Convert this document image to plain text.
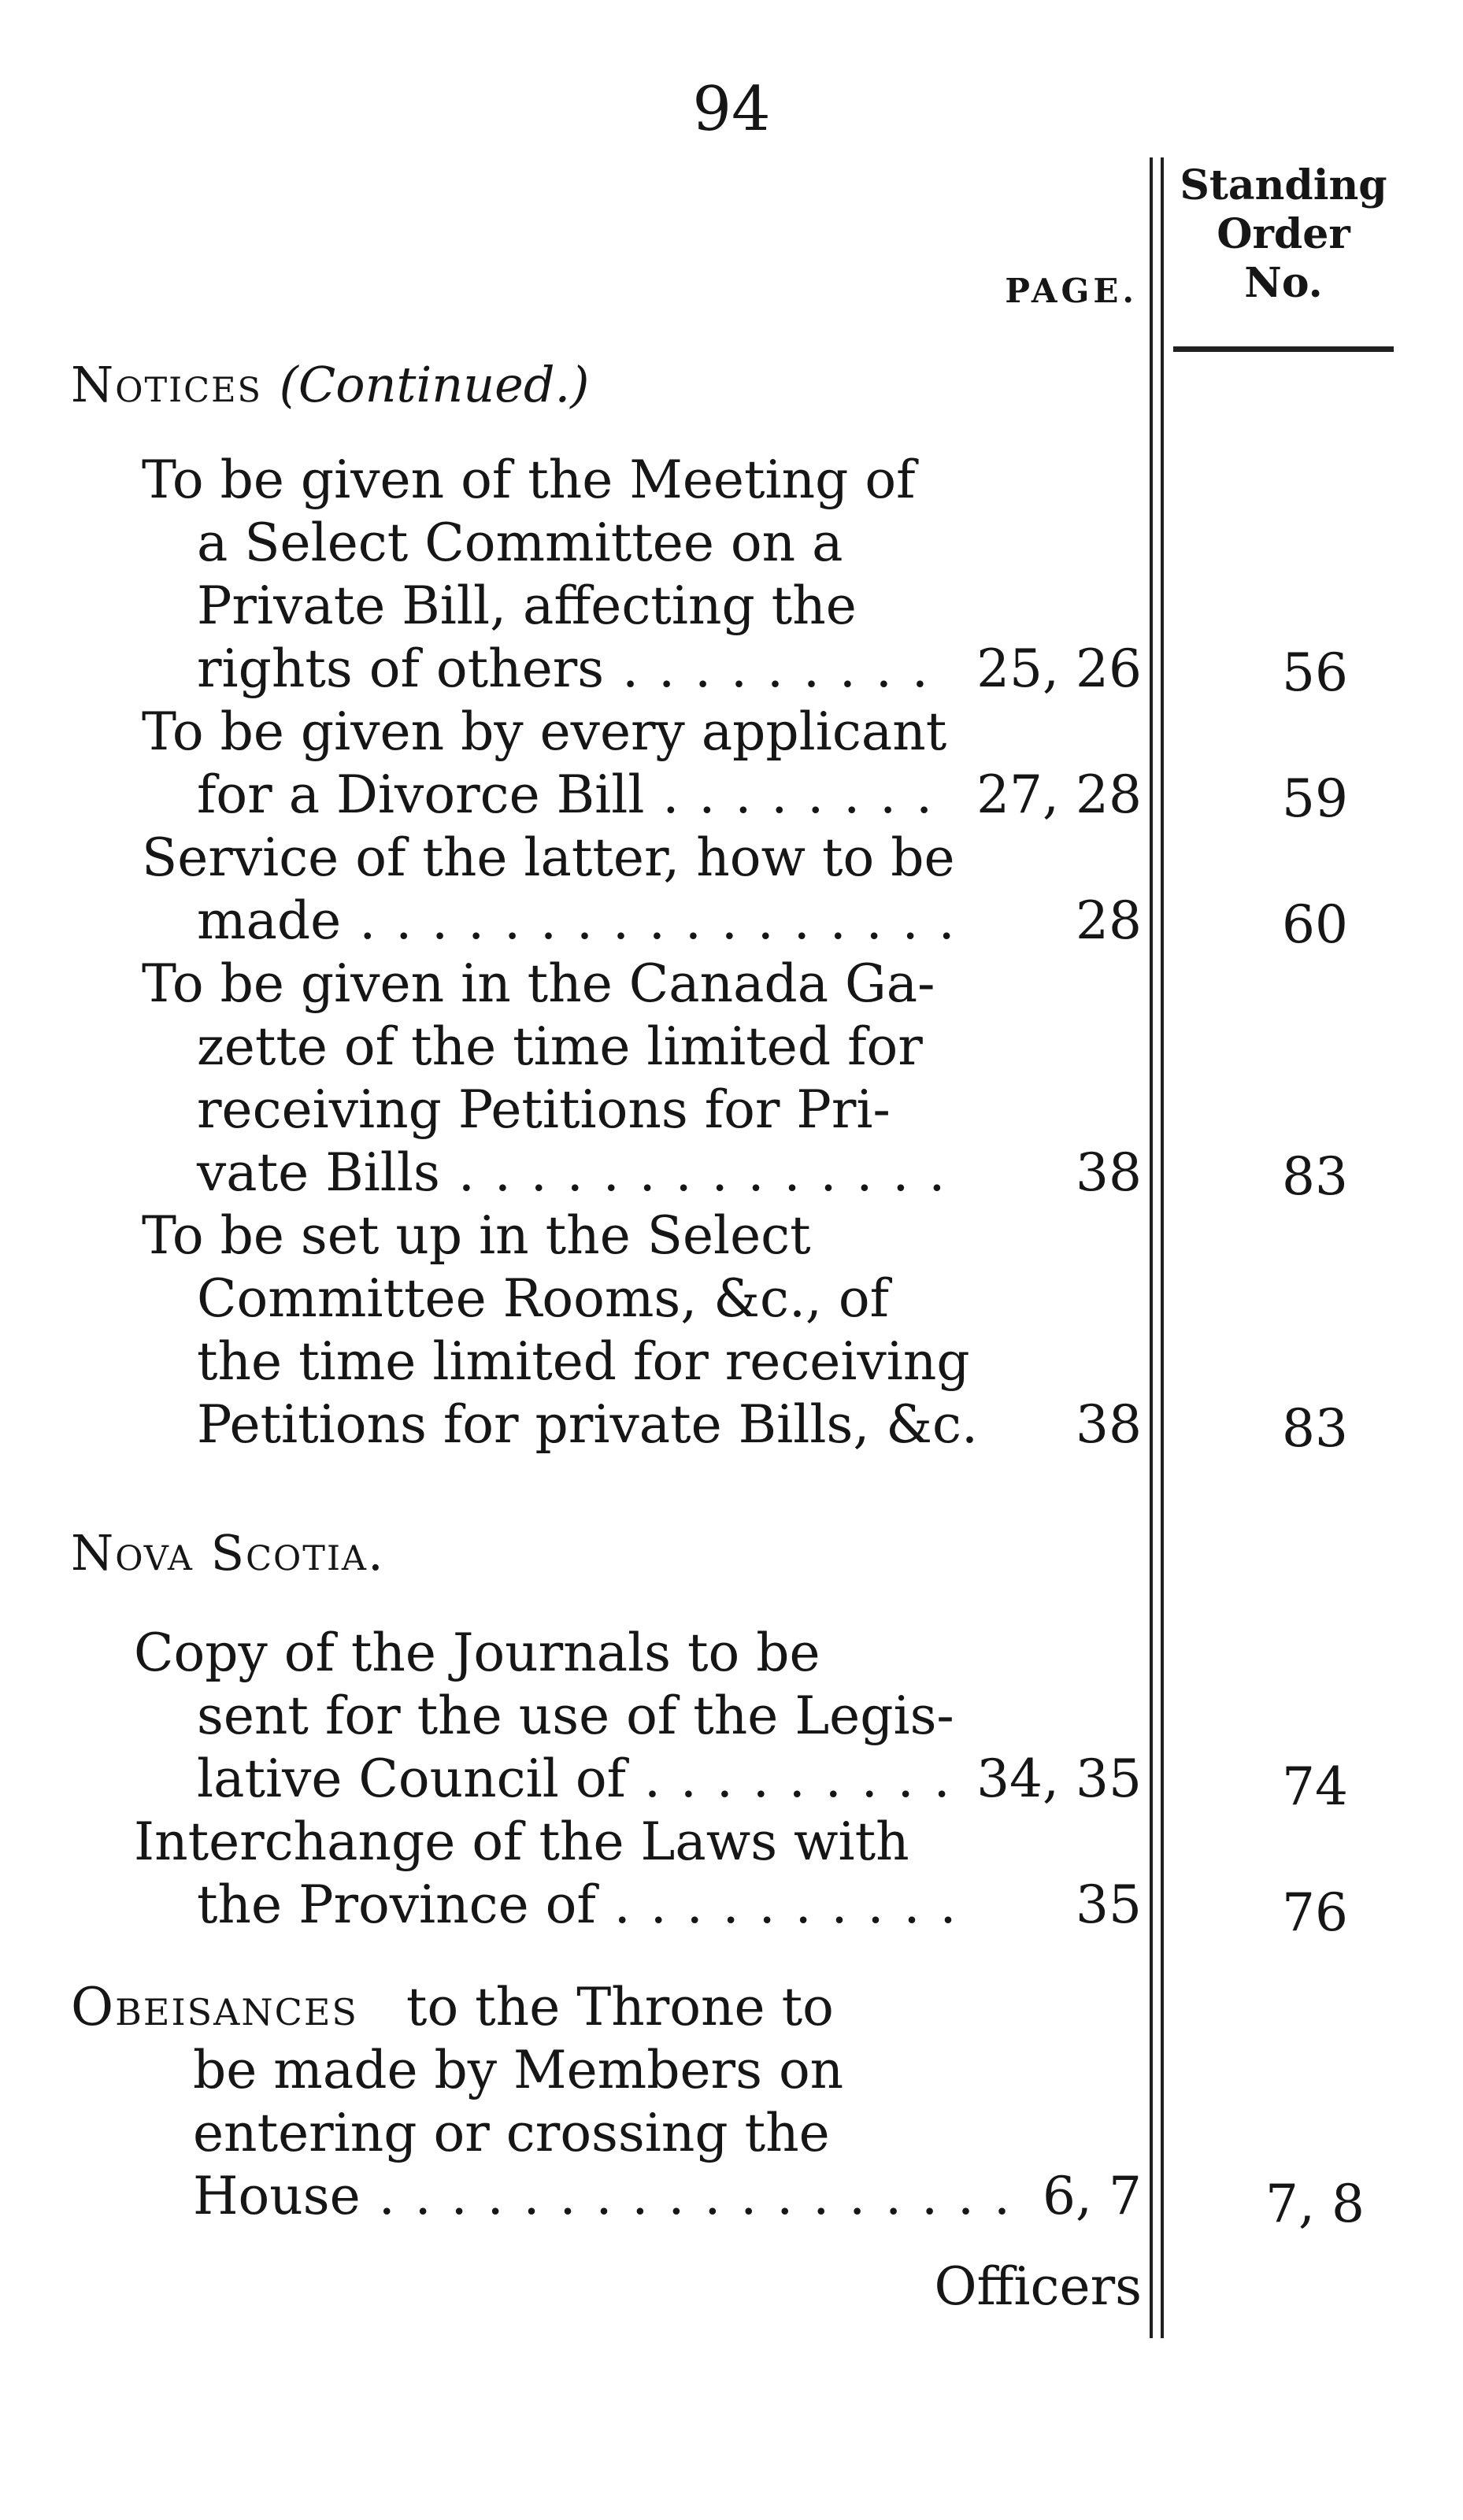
94
Standing
Order
No.
PAGE.
Notices (Continued.)
To be given of the Meeting of
a Select Committee on a
Private Bill, affecting the
rights of others . . .	25, 26	56
To be given by every applicant
for a Divorce Bill . . .	27, 28	59
Service of the latter, how to be
made . . .	28	60
To be given in the Canada Ga-
zette of the time limited for
receiving Petitions for Pri-
vate Bills . . .	38	83
To be set up in the Select
Committee Rooms, &c., of
the time limited for receiving
Petitions for private Bills, &c.	38	83
Nova Scotia.
Copy of the Journals to be
sent for the use of the Legis-
lative Council of . . .	34, 35	74
Interchange of the Laws with
the Province of . . .	35	76
Obeisances to the Throne to
be made by Members on
entering or crossing the
House . . .	6, 7	7, 8
Officers
